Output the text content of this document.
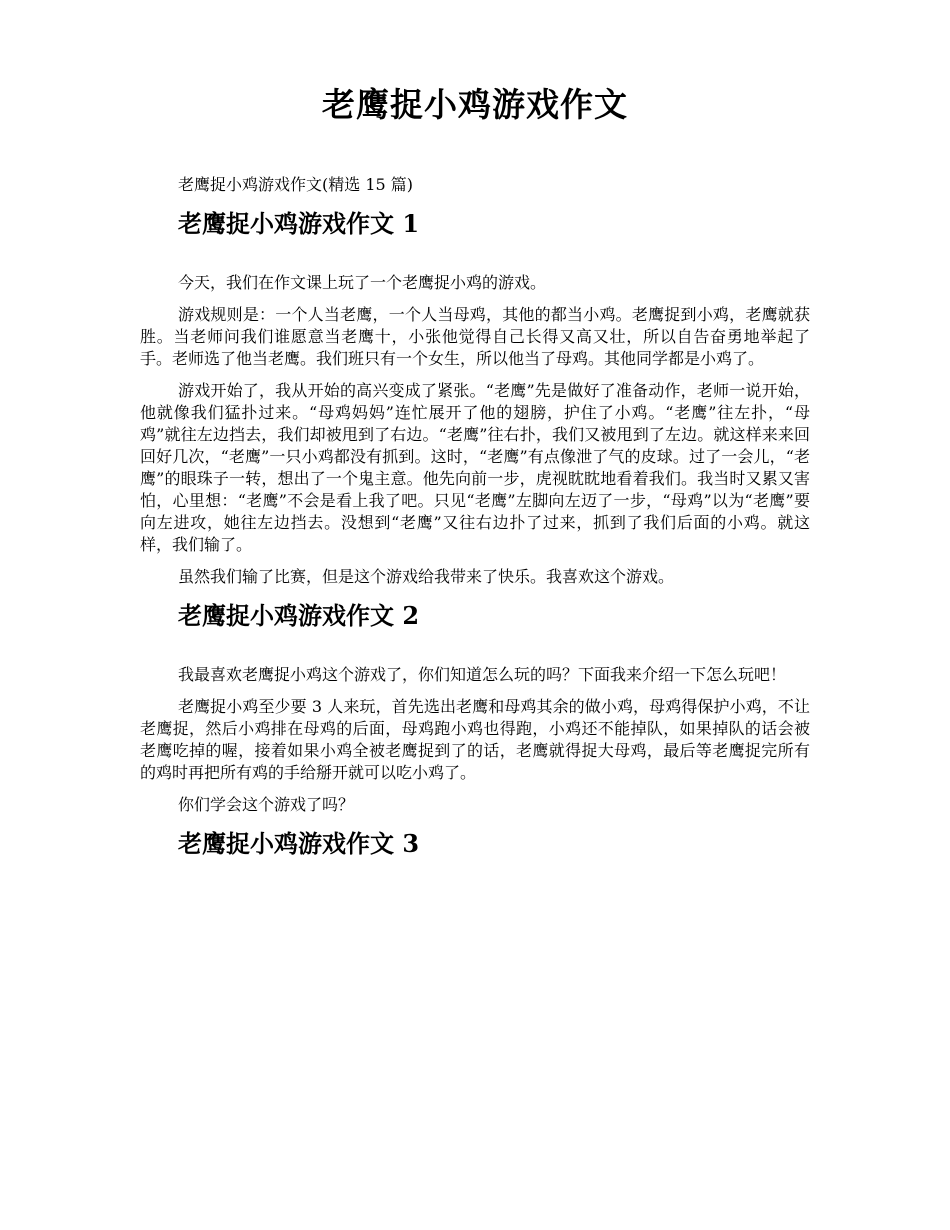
老鹰捉小鸡游戏作文

老鹰捉小鸡游戏作文(精选 15 篇)

老鹰捉小鸡游戏作文 1

今天，我们在作文课上玩了一个老鹰捉小鸡的游戏。

游戏规则是：一个人当老鹰，一个人当母鸡，其他的都当小鸡。老鹰捉到小鸡，老鹰就获胜。当老师问我们谁愿意当老鹰十，小张他觉得自己长得又高又壮，所以自告奋勇地举起了手。老师选了他当老鹰。我们班只有一个女生，所以他当了母鸡。其他同学都是小鸡了。

游戏开始了，我从开始的高兴变成了紧张。“老鹰”先是做好了准备动作，老师一说开始，他就像我们猛扑过来。“母鸡妈妈”连忙展开了他的翅膀，护住了小鸡。“老鹰”往左扑，“母鸡”就往左边挡去，我们却被甩到了右边。“老鹰”往右扑，我们又被甩到了左边。就这样来来回回好几次，“老鹰”一只小鸡都没有抓到。这时，“老鹰”有点像泄了气的皮球。过了一会儿，“老鹰”的眼珠子一转，想出了一个鬼主意。他先向前一步，虎视眈眈地看着我们。我当时又累又害怕，心里想：“老鹰”不会是看上我了吧。只见“老鹰”左脚向左迈了一步，“母鸡”以为“老鹰”要向左进攻，她往左边挡去。没想到“老鹰”又往右边扑了过来，抓到了我们后面的小鸡。就这样，我们输了。

虽然我们输了比赛，但是这个游戏给我带来了快乐。我喜欢这个游戏。

老鹰捉小鸡游戏作文 2

我最喜欢老鹰捉小鸡这个游戏了，你们知道怎么玩的吗？下面我来介绍一下怎么玩吧！

老鹰捉小鸡至少要 3 人来玩，首先选出老鹰和母鸡其余的做小鸡，母鸡得保护小鸡，不让老鹰捉，然后小鸡排在母鸡的后面，母鸡跑小鸡也得跑，小鸡还不能掉队，如果掉队的话会被老鹰吃掉的喔，接着如果小鸡全被老鹰捉到了的话，老鹰就得捉大母鸡，最后等老鹰捉完所有的鸡时再把所有鸡的手给掰开就可以吃小鸡了。

你们学会这个游戏了吗？

老鹰捉小鸡游戏作文 3
